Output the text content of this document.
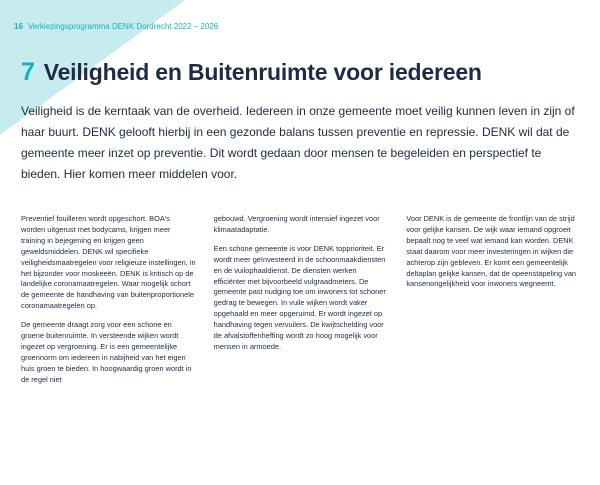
16 Verkiezingsprogramma DENK Dordrecht 2022 – 2026
7 Veiligheid en Buitenruimte voor iedereen
Veiligheid is de kerntaak van de overheid. Iedereen in onze gemeente moet veilig kunnen leven in zijn of haar buurt. DENK gelooft hierbij in een gezonde balans tussen preventie en repressie. DENK wil dat de gemeente meer inzet op preventie. Dit wordt gedaan door mensen te begeleiden en perspectief te bieden. Hier komen meer middelen voor.

Preventief fouilleren wordt opgeschort. BOA's worden uitgerust met bodycams, krijgen meer training in bejegening en krijgen geen geweldsmiddelen. DENK wil specifieke veiligheidsmaatregelen voor religieuze instellingen, in het bijzonder voor moskeeën. DENK is kritisch op de landelijke coronamaatregelen. Waar mogelijk schort de gemeente de handhaving van buitenproportionele coronamaatregelen op.

De gemeente draagt zorg voor een schone en groene buitenruimte. In versteende wijken wordt ingezet op vergroening. Er is een gemeentelijke groennorm om iedereen in nabijheid van het eigen huis groen te bieden. In hoogwaardig groen wordt in de regel niet

gebouwd. Vergroening wordt intensief ingezet voor klimaatadaptatie.

Een schone gemeente is voor DENK topprioriteit. Er wordt meer geïnvesteerd in de schoonmaakdiensten en de vuilophaaldienst. De diensten werken efficiënter met bijvoorbeeld vulgraadmeters. De gemeente past nudging toe om inwoners tot schoner gedrag te bewegen. In vuile wijken wordt vaker opgehaald en meer opgeruimd. Er wordt ingezet op handhaving tegen vervuilers. De kwijtschelding voor de afvalstoffenheffing wordt zo hoog mogelijk voor mensen in armoede.

Voor DENK is de gemeente de frontlijn van de strijd voor gelijke kansen. De wijk waar iemand opgroeit bepaalt nog te veel wat iemand kan worden. DENK staat daarom voor meer investeringen in wijken die achterop zijn gebleven. Er komt een gemeentelijk deltaplan gelijke kansen, dat de opeenstapeling van kansenongelijkheid voor inwoners wegneemt.
